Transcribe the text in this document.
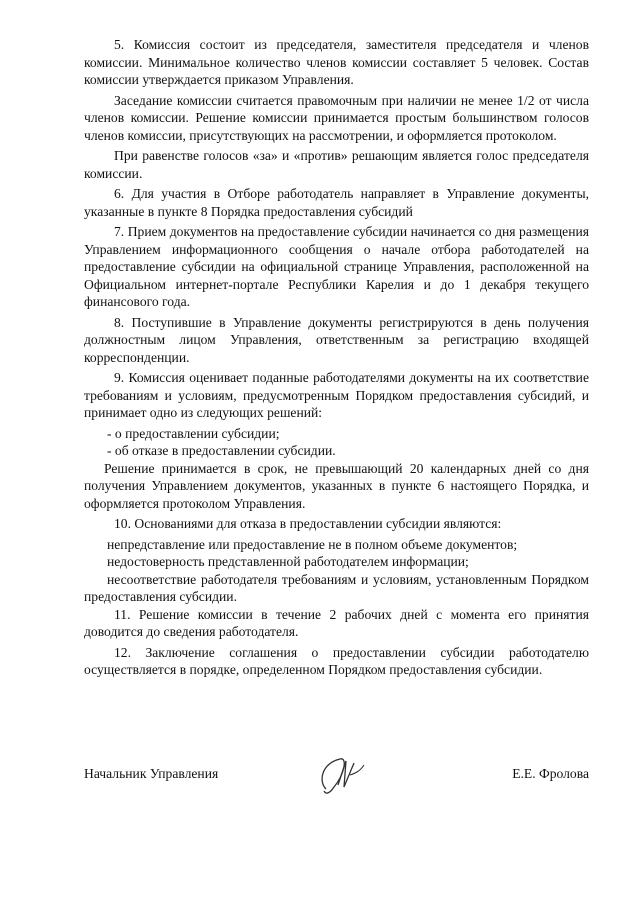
5. Комиссия состоит из председателя, заместителя председателя и членов комиссии. Минимальное количество членов комиссии составляет 5 человек. Состав комиссии утверждается приказом Управления.

Заседание комиссии считается правомочным при наличии не менее 1/2 от числа членов комиссии. Решение комиссии принимается простым большинством голосов членов комиссии, присутствующих на рассмотрении, и оформляется протоколом.

При равенстве голосов «за» и «против» решающим является голос председателя комиссии.

6. Для участия в Отборе работодатель направляет в Управление документы, указанные в пункте 8 Порядка предоставления субсидий

7. Прием документов на предоставление субсидии начинается со дня размещения Управлением информационного сообщения о начале отбора работодателей на предоставление субсидии на официальной странице Управления, расположенной на Официальном интернет-портале Республики Карелия и до 1 декабря текущего финансового года.

8. Поступившие в Управление документы регистрируются в день получения должностным лицом Управления, ответственным за регистрацию входящей корреспонденции.

9. Комиссия оценивает поданные работодателями документы на их соответствие требованиям и условиям, предусмотренным Порядком предоставления субсидий, и принимает одно из следующих решений:

- о предоставлении субсидии;

- об отказе в предоставлении субсидии.

Решение принимается в срок, не превышающий 20 календарных дней со дня получения Управлением документов, указанных в пункте 6 настоящего Порядка, и оформляется протоколом Управления.

10. Основаниями для отказа в предоставлении субсидии являются:

непредставление или предоставление не в полном объеме документов;

недостоверность представленной работодателем информации;

несоответствие работодателя требованиям и условиям, установленным Порядком предоставления субсидии.

11. Решение комиссии в течение 2 рабочих дней с момента его принятия доводится до сведения работодателя.

12. Заключение соглашения о предоставлении субсидии работодателю осуществляется в порядке, определенном Порядком предоставления субсидии.

Начальник Управления	Е.Е. Фролова
